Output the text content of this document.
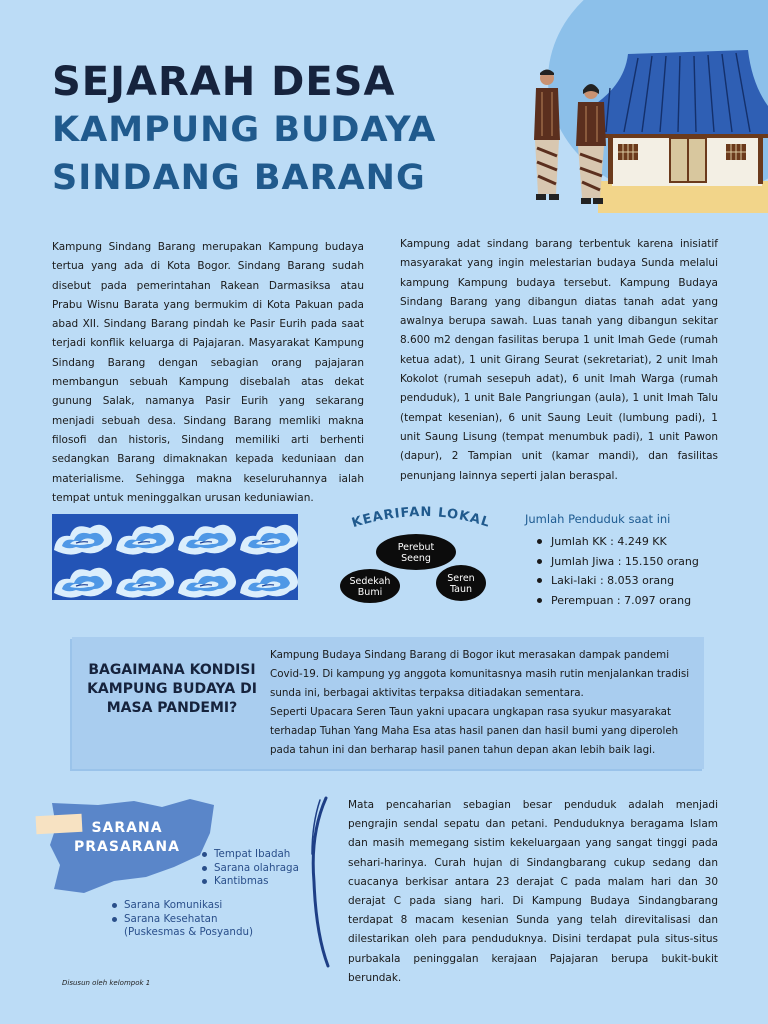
SEJARAH DESA
KAMPUNG BUDAYA
SINDANG BARANG

Kampung Sindang Barang merupakan Kampung budaya tertua yang ada di Kota Bogor. Sindang Barang sudah disebut pada pemerintahan Rakean Darmasiksa atau Prabu Wisnu Barata yang bermukim di Kota Pakuan pada abad XII. Sindang Barang pindah ke Pasir Eurih pada saat terjadi konflik keluarga di Pajajaran. Masyarakat Kampung Sindang Barang dengan sebagian orang pajajaran membangun sebuah Kampung disebalah atas dekat gunung Salak, namanya Pasir Eurih yang sekarang menjadi sebuah desa. Sindang Barang memliki makna filosofi dan historis, Sindang memiliki arti berhenti sedangkan Barang dimaknakan kepada keduniaan dan materialisme. Sehingga makna keseluruhannya ialah tempat untuk meninggalkan urusan keduniawian.

Kampung adat sindang barang terbentuk karena inisiatif masyarakat yang ingin melestarian budaya Sunda melalui kampung Kampung budaya tersebut. Kampung Budaya Sindang Barang yang dibangun diatas tanah adat yang awalnya berupa sawah. Luas tanah yang dibangun sekitar 8.600 m2 dengan fasilitas berupa 1 unit Imah Gede (rumah ketua adat), 1 unit Girang Seurat (sekretariat), 2 unit Imah Kokolot (rumah sesepuh adat), 6 unit Imah Warga (rumah penduduk), 1 unit Bale Pangriungan (aula), 1 unit Imah Talu (tempat kesenian), 6 unit Saung Leuit (lumbung padi), 1 unit Saung Lisung (tempat menumbuk padi), 1 unit Pawon (dapur), 2 Tampian unit (kamar mandi), dan fasilitas penunjang lainnya seperti jalan beraspal.

KEARIFAN LOKAL
Perebut
Seeng
Sedekah
Bumi
Seren
Taun
Jumlah Penduduk saat ini
Jumlah KK : 4.249 KK
Jumlah Jiwa : 15.150 orang
Laki-laki : 8.053 orang
Perempuan : 7.097 orang

BAGAIMANA KONDISI KAMPUNG BUDAYA DI MASA PANDEMI?

Kampung Budaya Sindang Barang di Bogor ikut merasakan dampak pandemi Covid-19. Di kampung yg anggota komunitasnya masih rutin menjalankan tradisi sunda ini, berbagai aktivitas terpaksa ditiadakan sementara.
Seperti Upacara Seren Taun yakni upacara ungkapan rasa syukur masyarakat terhadap Tuhan Yang Maha Esa atas hasil panen dan hasil bumi yang diperoleh pada tahun ini dan berharap hasil panen tahun depan akan lebih baik lagi.

SARANA
PRASARANA	Tempat Ibadah
Sarana olahraga
Kantibmas
Sarana Komunikasi
Sarana Kesehatan
(Puskesmas & Posyandu)

Mata pencaharian sebagian besar penduduk adalah menjadi pengrajin sendal sepatu dan petani. Penduduknya beragama Islam dan masih memegang sistim kekeluargaan yang sangat tinggi pada sehari-harinya. Curah hujan di Sindangbarang cukup sedang dan cuacanya berkisar antara 23 derajat C pada malam hari dan 30 derajat C pada siang hari. Di Kampung Budaya Sindangbarang terdapat 8 macam kesenian Sunda yang telah direvitalisasi dan dilestarikan oleh para penduduknya. Disini terdapat pula situs-situs purbakala peninggalan kerajaan Pajajaran berupa bukit-bukit berundak.

Disusun oleh kelompok 1
